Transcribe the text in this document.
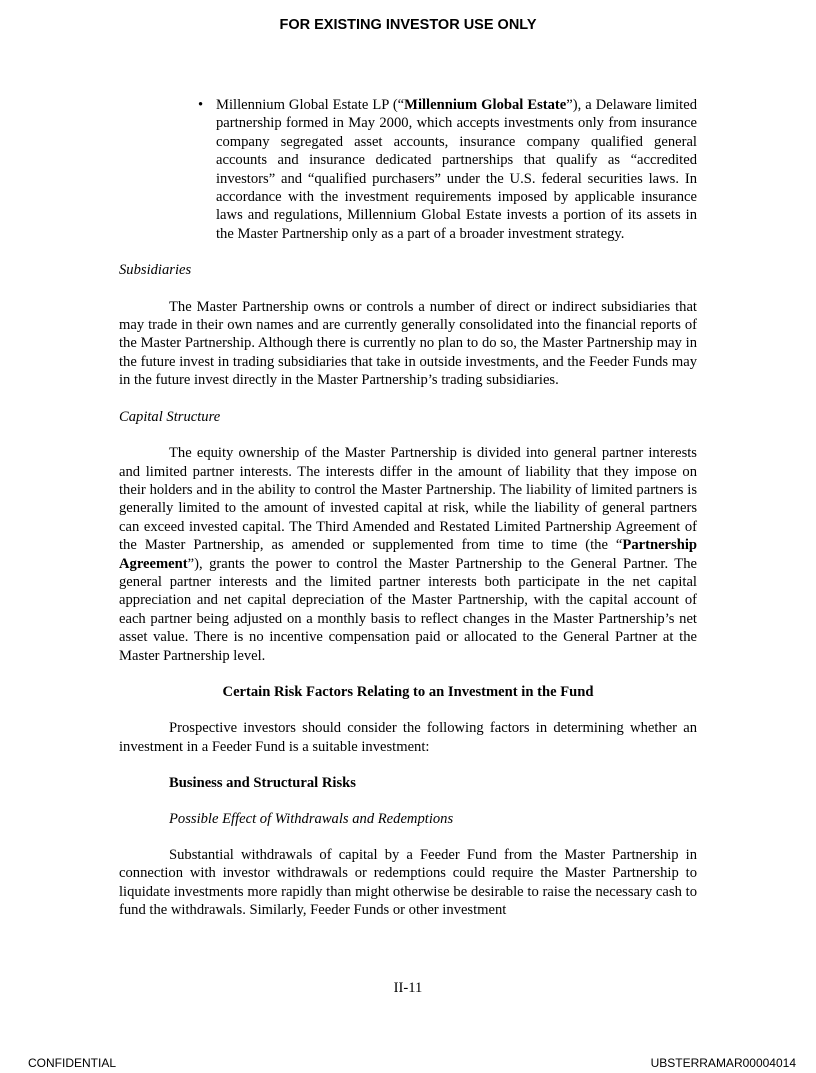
FOR EXISTING INVESTOR USE ONLY

• Millennium Global Estate LP (“Millennium Global Estate”), a Delaware limited partnership formed in May 2000, which accepts investments only from insurance company segregated asset accounts, insurance company qualified general accounts and insurance dedicated partnerships that qualify as “accredited investors” and “qualified purchasers” under the U.S. federal securities laws. In accordance with the investment requirements imposed by applicable insurance laws and regulations, Millennium Global Estate invests a portion of its assets in the Master Partnership only as a part of a broader investment strategy.

Subsidiaries

The Master Partnership owns or controls a number of direct or indirect subsidiaries that may trade in their own names and are currently generally consolidated into the financial reports of the Master Partnership. Although there is currently no plan to do so, the Master Partnership may in the future invest in trading subsidiaries that take in outside investments, and the Feeder Funds may in the future invest directly in the Master Partnership’s trading subsidiaries.

Capital Structure

The equity ownership of the Master Partnership is divided into general partner interests and limited partner interests. The interests differ in the amount of liability that they impose on their holders and in the ability to control the Master Partnership. The liability of limited partners is generally limited to the amount of invested capital at risk, while the liability of general partners can exceed invested capital. The Third Amended and Restated Limited Partnership Agreement of the Master Partnership, as amended or supplemented from time to time (the “Partnership Agreement”), grants the power to control the Master Partnership to the General Partner. The general partner interests and the limited partner interests both participate in the net capital appreciation and net capital depreciation of the Master Partnership, with the capital account of each partner being adjusted on a monthly basis to reflect changes in the Master Partnership’s net asset value. There is no incentive compensation paid or allocated to the General Partner at the Master Partnership level.

Certain Risk Factors Relating to an Investment in the Fund

Prospective investors should consider the following factors in determining whether an investment in a Feeder Fund is a suitable investment:

Business and Structural Risks

Possible Effect of Withdrawals and Redemptions

Substantial withdrawals of capital by a Feeder Fund from the Master Partnership in connection with investor withdrawals or redemptions could require the Master Partnership to liquidate investments more rapidly than might otherwise be desirable to raise the necessary cash to fund the withdrawals. Similarly, Feeder Funds or other investment

II-11
CONFIDENTIAL	UBSTERRAMAR00004014
